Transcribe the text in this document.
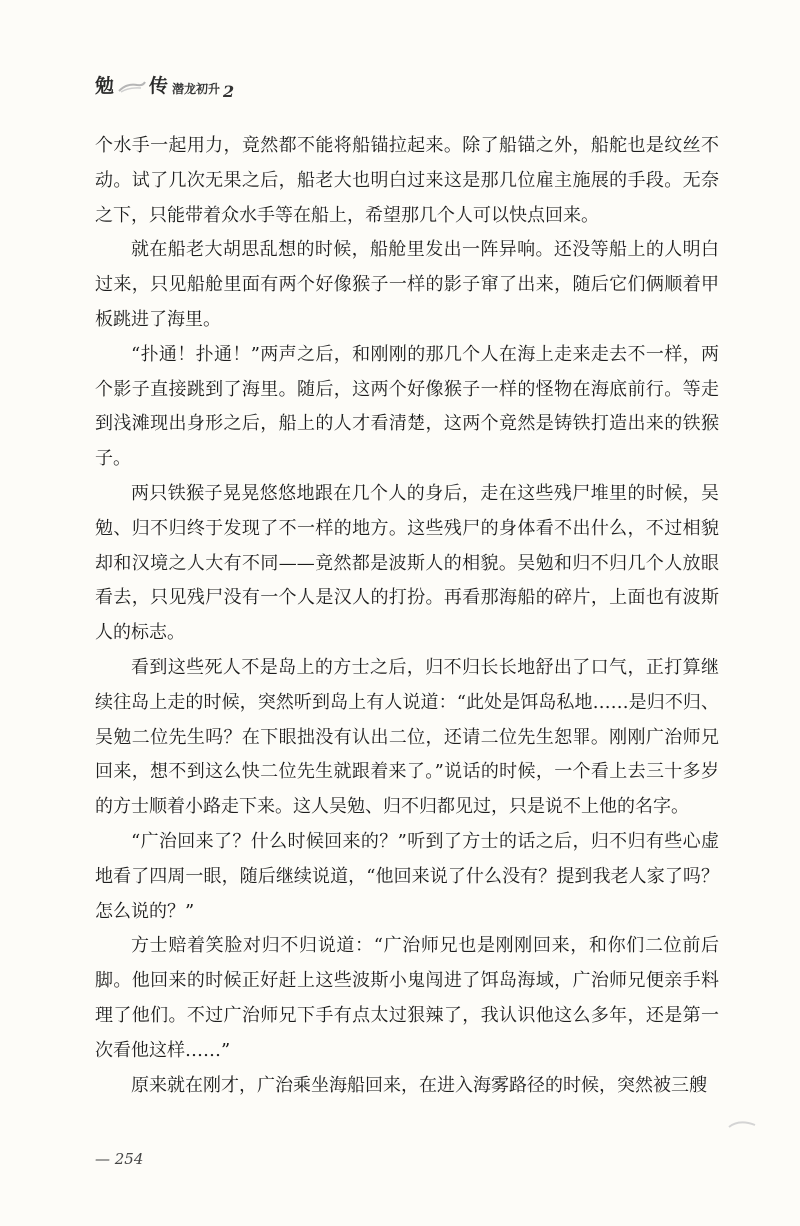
勉 传 潜龙初升 2

个水手一起用力，竟然都不能将船锚拉起来。除了船锚之外，船舵也是纹丝不动。试了几次无果之后，船老大也明白过来这是那几位雇主施展的手段。无奈之下，只能带着众水手等在船上，希望那几个人可以快点回来。

就在船老大胡思乱想的时候，船舱里发出一阵异响。还没等船上的人明白过来，只见船舱里面有两个好像猴子一样的影子窜了出来，随后它们俩顺着甲板跳进了海里。

“扑通！扑通！”两声之后，和刚刚的那几个人在海上走来走去不一样，两个影子直接跳到了海里。随后，这两个好像猴子一样的怪物在海底前行。等走到浅滩现出身形之后，船上的人才看清楚，这两个竟然是铸铁打造出来的铁猴子。

两只铁猴子晃晃悠悠地跟在几个人的身后，走在这些残尸堆里的时候，吴勉、归不归终于发现了不一样的地方。这些残尸的身体看不出什么，不过相貌却和汉境之人大有不同——竟然都是波斯人的相貌。吴勉和归不归几个人放眼看去，只见残尸没有一个人是汉人的打扮。再看那海船的碎片，上面也有波斯人的标志。

看到这些死人不是岛上的方士之后，归不归长长地舒出了口气，正打算继续往岛上走的时候，突然听到岛上有人说道：“此处是饵岛私地……是归不归、吴勉二位先生吗？在下眼拙没有认出二位，还请二位先生恕罪。刚刚广治师兄回来，想不到这么快二位先生就跟着来了。”说话的时候，一个看上去三十多岁的方士顺着小路走下来。这人吴勉、归不归都见过，只是说不上他的名字。

“广治回来了？什么时候回来的？”听到了方士的话之后，归不归有些心虚地看了四周一眼，随后继续说道，“他回来说了什么没有？提到我老人家了吗？怎么说的？”

方士赔着笑脸对归不归说道：“广治师兄也是刚刚回来，和你们二位前后脚。他回来的时候正好赶上这些波斯小鬼闯进了饵岛海域，广治师兄便亲手料理了他们。不过广治师兄下手有点太过狠辣了，我认识他这么多年，还是第一次看他这样……”

原来就在刚才，广治乘坐海船回来，在进入海雾路径的时候，突然被三艘

— 254
